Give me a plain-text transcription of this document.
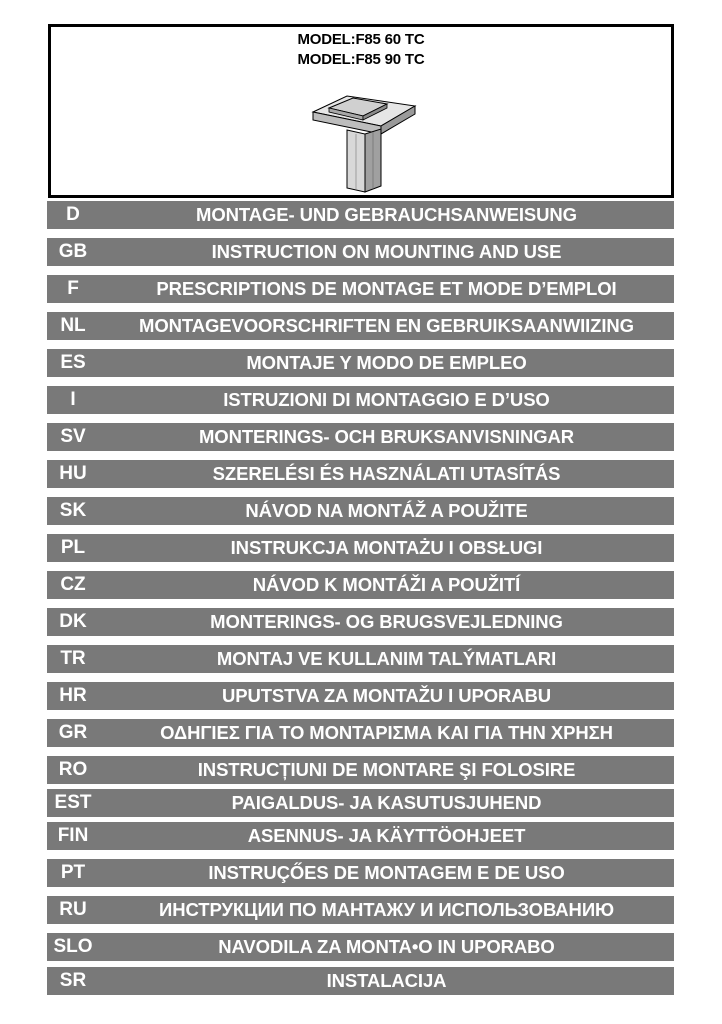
MODEL:F85 60 TC
MODEL:F85 90 TC
D	MONTAGE- UND GEBRAUCHSANWEISUNG
GB	INSTRUCTION ON MOUNTING AND USE
F	PRESCRIPTIONS DE MONTAGE ET MODE D’EMPLOI
NL	MONTAGEVOORSCHRIFTEN EN GEBRUIKSAANWIIZING
ES	MONTAJE Y MODO DE EMPLEO
I	ISTRUZIONI DI MONTAGGIO E D’USO
SV	MONTERINGS- OCH BRUKSANVISNINGAR
HU	SZERELÉSI ÉS HASZNÁLATI UTASÍTÁS
SK	NÁVOD NA MONTÁŽ A POUŽITE
PL	INSTRUKCJA MONTAŻU I OBSŁUGI
CZ	NÁVOD K MONTÁŽI A POUŽITÍ
DK	MONTERINGS- OG BRUGSVEJLEDNING
TR	MONTAJ VE KULLANIM TALÝMATLARI
HR	UPUTSTVA ZA MONTAŽU I UPORABU
GR	ΟΔΗΓΙΕΣ ΓΙΑ ΤΟ ΜΟΝΤΑΡΙΣΜΑ ΚΑΙ ΓΙΑ ΤΗΝ ΧΡΗΣΗ
RO	INSTRUCȚIUNI DE MONTARE ŞI FOLOSIRE
EST	PAIGALDUS- JA KASUTUSJUHEND
FIN	ASENNUS- JA KÄYTTÖOHJEET
PT	INSTRUÇŐES DE MONTAGEM E DE USO
RU	ИНСТРУКЦИИ ПО МАНТАЖУ И ИСПОЛЬЗОВАНИЮ
SLO	NAVODILA ZA MONTA•O IN UPORABO
SR	INSTALACIJA
